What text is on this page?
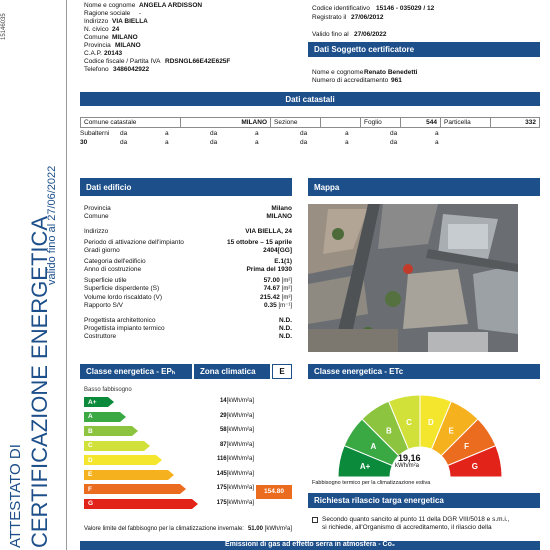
ATTESTATO DI CERTIFICAZIONE ENERGETICA
valido fino al 27/06/2022
15146035
Nome e cognome ANGELA ARDISSON
Ragione sociale	-
Indirizzo VIA BIELLA
N. civico 24
Comune MILANO
Provincia MILANO
C.A.P. 20143
Codice fiscale / Partita IVA RDSNGL66E42E625F
Telefono 3486042922
Codice identificativo 15146 - 035029 / 12
Registrato il 27/06/2012
Valido fino al 27/06/2022
Dati Soggetto certificatore
Nome e cognome Renato Benedetti
Numero di accreditamento 961
Dati catastali
Comune catastale	MILANO	Sezione		Foglio	544	Particella	332
Subalterni	da	a	da	a	da	a	da	a
30	da	a	da	a	da	a	da	a
Dati edificio
Provincia	Milano
Comune	MILANO
Indirizzo	VIA BIELLA, 24
Periodo di attivazione dell'impianto	15 ottobre – 15 aprile
Gradi giorno	2404[GG]
Categoria dell'edificio	E.1(1)
Anno di costruzione	Prima del 1930
Superficie utile	57.00 [m²]
Superficie disperdente (S)	74.67 [m²]
Volume lordo riscaldato (V)	215.42 [m³]
Rapporto S/V	0.35 [m⁻¹]
Progettista architettonico	N.D.
Progettista impianto termico	N.D.
Costruttore	N.D.
Mappa
Classe energetica - EPₕ	Zona climatica	E
Basso fabbisogno
A+	14 [kWh/m²a]
A	29 [kWh/m²a]
B	58 [kWh/m²a]
C	87 [kWh/m²a]
D	116 [kWh/m²a]
E	145 [kWh/m²a]
F	175 [kWh/m²a]
G	175 [kWh/m²a]
154.80
Valore limite del fabbisogno per la climatizzazione invernale: 51.00 [kWh/m²a]
Classe energetica - ETc
A+
A
B
C D
E
F
G
19,16
kWh/m²a
Fabbisogno termico per la climatizzazione estiva
Richiesta rilascio targa energetica
Secondo quanto sancito al punto 11 della DGR VIII/5018 e s.m.i.,
si richiede, all'Organismo di accreditamento, il rilascio della
Emissioni di gas ad effetto serra in atmosfera - Co₂
